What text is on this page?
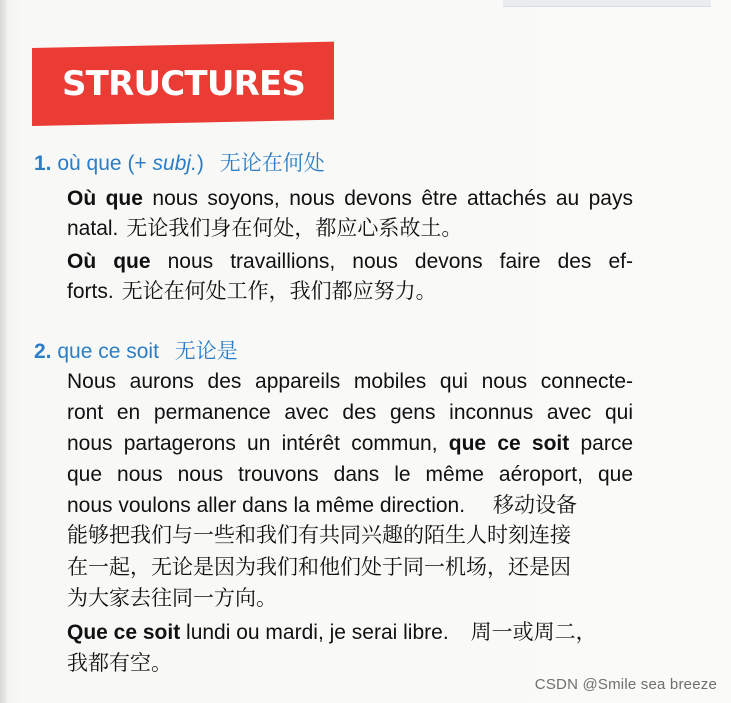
STRUCTURES
1. où que (+ subj.) 无论在何处
Où que nous soyons, nous devons être attachés au pays
natal. 无论我们身在何处，都应心系故土。
Où que nous travaillions, nous devons faire des ef-
forts. 无论在何处工作，我们都应努力。
2. que ce soit 无论是
Nous aurons des appareils mobiles qui nous connecte-
ront en permanence avec des gens inconnus avec qui
nous partagerons un intérêt commun, que ce soit parce
que nous nous trouvons dans le même aéroport, que
nous voulons aller dans la même direction. 移动设备
能够把我们与一些和我们有共同兴趣的陌生人时刻连接
在一起，无论是因为我们和他们处于同一机场，还是因
为大家去往同一方向。
Que ce soit lundi ou mardi, je serai libre. 周一或周二，
我都有空。
CSDN @Smile sea breeze
